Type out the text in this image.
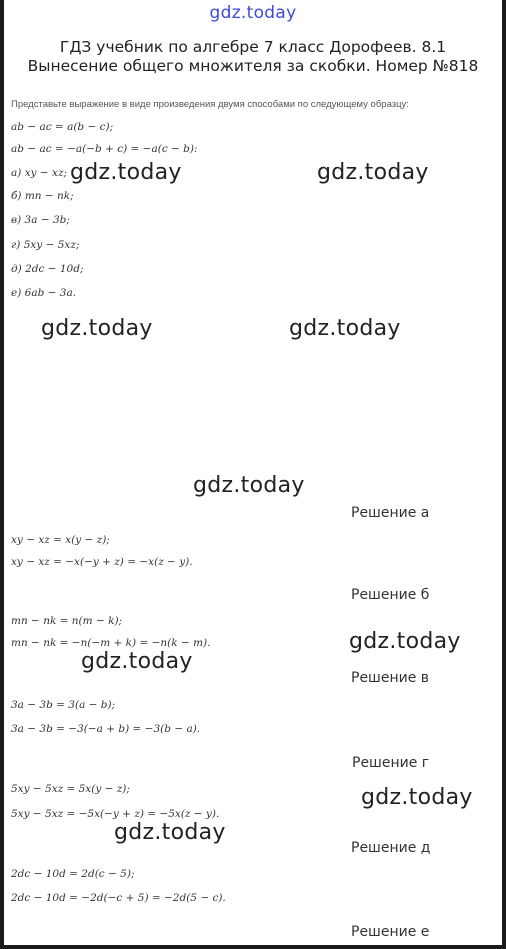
gdz.today
ГДЗ учебник по алгебре 7 класс Дорофеев. 8.1 Вынесение общего множителя за скобки. Номер №818
Представьте выражение в виде произведения двумя способами по следующему образцу:
ab − ac = a(b − c);
ab − ac = −a(−b + c) = −a(c − b):
а) xy − xz;
б) mn − nk;
в) 3a − 3b;
г) 5xy − 5xz;
д) 2dc − 10d;
е) 6ab − 3a.
Решение а
xy − xz = x(y − z);
xy − xz = −x(−y + z) = −x(z − y).
Решение б
mn − nk = n(m − k);
mn − nk = −n(−m + k) = −n(k − m).
Решение в
3a − 3b = 3(a − b);
3a − 3b = −3(−a + b) = −3(b − a).
Решение г
5xy − 5xz = 5x(y − z);
5xy − 5xz = −5x(−y + z) = −5x(z − y).
Решение д
2dc − 10d = 2d(c − 5);
2dc − 10d = −2d(−c + 5) = −2d(5 − c).
Решение е
gdz.today	gdz.today
gdz.today	gdz.today
gdz.today
gdz.today
gdz.today
gdz.today
gdz.today
